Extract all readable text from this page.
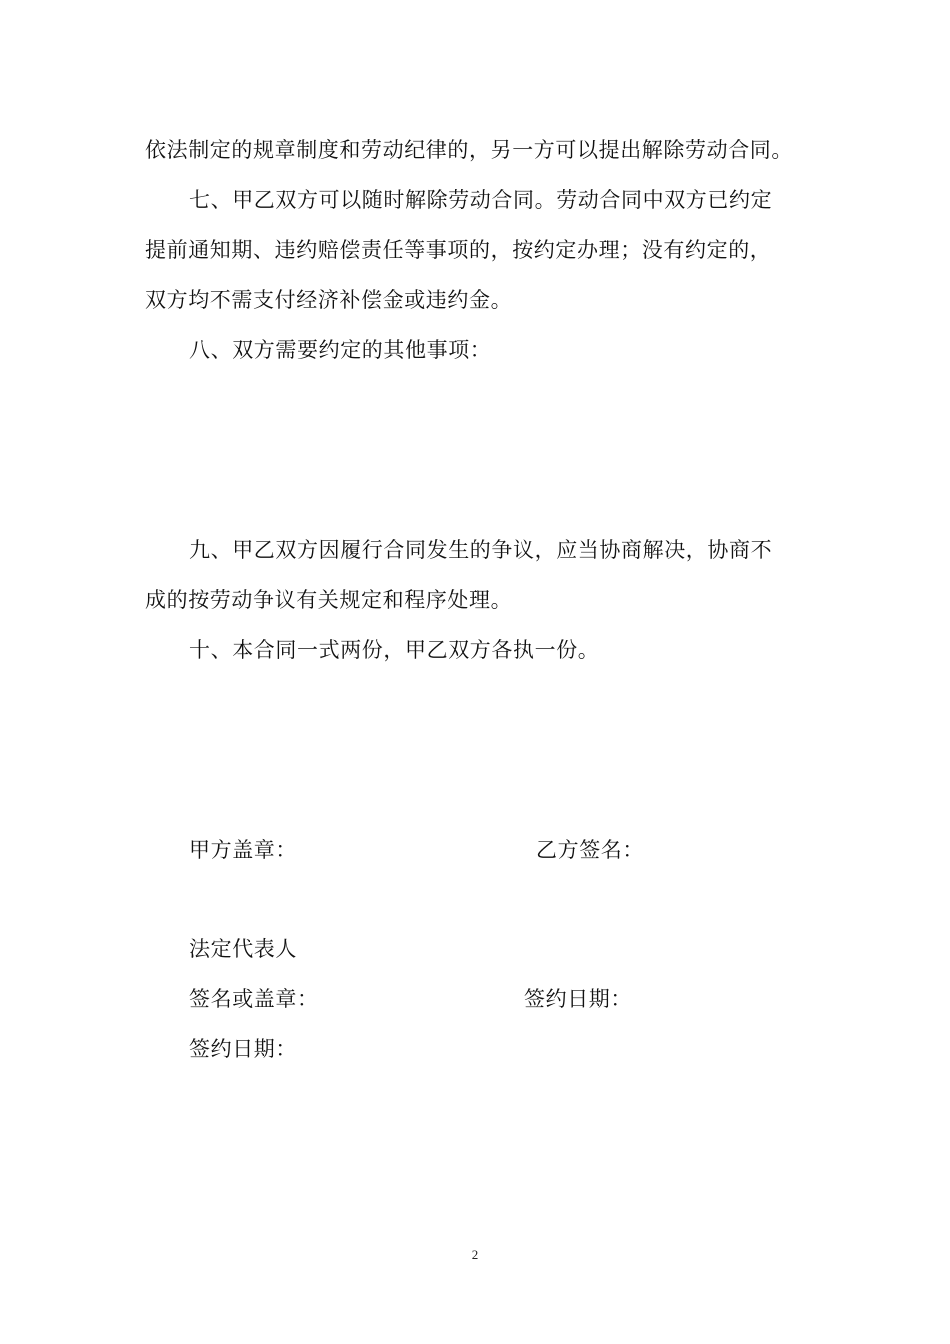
依法制定的规章制度和劳动纪律的，另一方可以提出解除劳动合同。
七、甲乙双方可以随时解除劳动合同。劳动合同中双方已约定
提前通知期、违约赔偿责任等事项的，按约定办理；没有约定的，
双方均不需支付经济补偿金或违约金。
八、双方需要约定的其他事项：
九、甲乙双方因履行合同发生的争议，应当协商解决，协商不
成的按劳动争议有关规定和程序处理。
十、本合同一式两份，甲乙双方各执一份。
甲方盖章：	乙方签名：
法定代表人
签名或盖章：	签约日期：
签约日期：
2
